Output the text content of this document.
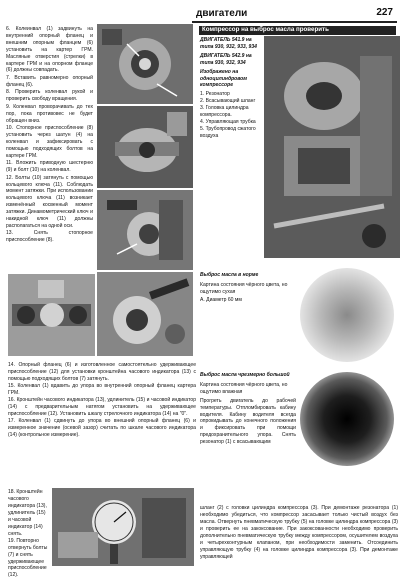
двигатели	227

6. Колеинвал (1) задвинуть на внутренний опорный фланец и внешним опорным фланцем (6) установить на картер ГРМ. Масляные отверстия (стрелки) в картере ГРМ и на опорном фланце (6) должны совпадать.

7. Вставить равномерно опорный фланец (6).

8. Проверить коленвал рукой и проверить свободу вращения.

9. Коленвал проворачивать до тех пор, пока противовес не будет обращен вниз.

10. Стопорное приспособление (8) установить через шатун (4) на коленвал и зафиксировать с помощью подходящих болтов на картере ГРМ.

11. Вложить приводную шестерню (9) и болт (10) на коленвал.

12. Болты (10) затянуть с помощью кольцевого ключа (11). Соблюдать момент затяжки. При использовании кольцевого ключа (11) возникает изменённый косвенный момент затяжки. Динамометрический ключ и накидной ключ (11) должны располагаться на одной оси.

13. Снять стопорное приспособление (8).

Компрессор на выброс масла проверить

ДВИГАТЕЛЬ 541.9 на типа 930, 932, 933, 934

ДВИГАТЕЛЬ 542.9 на типа 930, 932, 934

Изображено на одноцилиндровом компрессоре

1. Резонатор

2. Всасывающий шланг

3. Головка цилиндра компрессора.

4. Управляющая трубка

5. Трубопровод сжатого воздуха

Выброс масла в норме

Картина состояния чёрного цвета, но ощутимо сухая

А. Диаметр 60 мм

Выброс масла чрезмерно большой

Картина состояния чёрного цвета, но ощутимо влажная

Прогреть двигатель до рабочей температуры. Отпломбировать кабину водителя. Кабину водителя всегда опрокидывать до конечного положения и фиксировать при помощи предохранительного упора. Снять резонатор (1) с всасывающим

14. Опорный фланец (6) и изготовленное самостоятельно удерживающее приспособление (12) для установки кронштейна часового индикатора (13) с помощью подходящих болтов (7) затянуть.

15. Коленвал (1) вдавить до упора во внутренний опорный фланец картера ГРМ.

16. Кронштейн часового индикатора (13), удлинитель (15) и часовой индикатор (14) с предварительным натягом установить на удерживающее приспособление (12). Установить шкалу стрелочного индикатора (14) на "0".

17. Коленвал (1) сдвинуть до упора во внешний опорный фланец (6) и измеренное значение (осевой зазор) считать по шкале часового индикатора (14) (контрольное измерение).

18. Кронштейн часового индикатора (13), удлинитель (15) и часовой индикатор (14) снять.
19. Повторно отвернуть болты (7) и снять удерживающее приспособление (12).

шланг (2) с головки цилиндра компрессора (3). При демонтаже резонатора (1) необходимо убедиться, что компрессор засасывает только чистый воздух без масла. Отвернуть пневматическую трубку (5) на головке цилиндра компрессора (3) и проверить ее на закоксование. При закоксованности необходимо проверить дополнительно пневматическую трубку между компрессором, осушителем воздуха и четырехконтурным клапаном, при необходимости заменить. Отсоединить управляющую трубку (4) на головке цилиндра компрессора (3). При демонтаже управляющей
